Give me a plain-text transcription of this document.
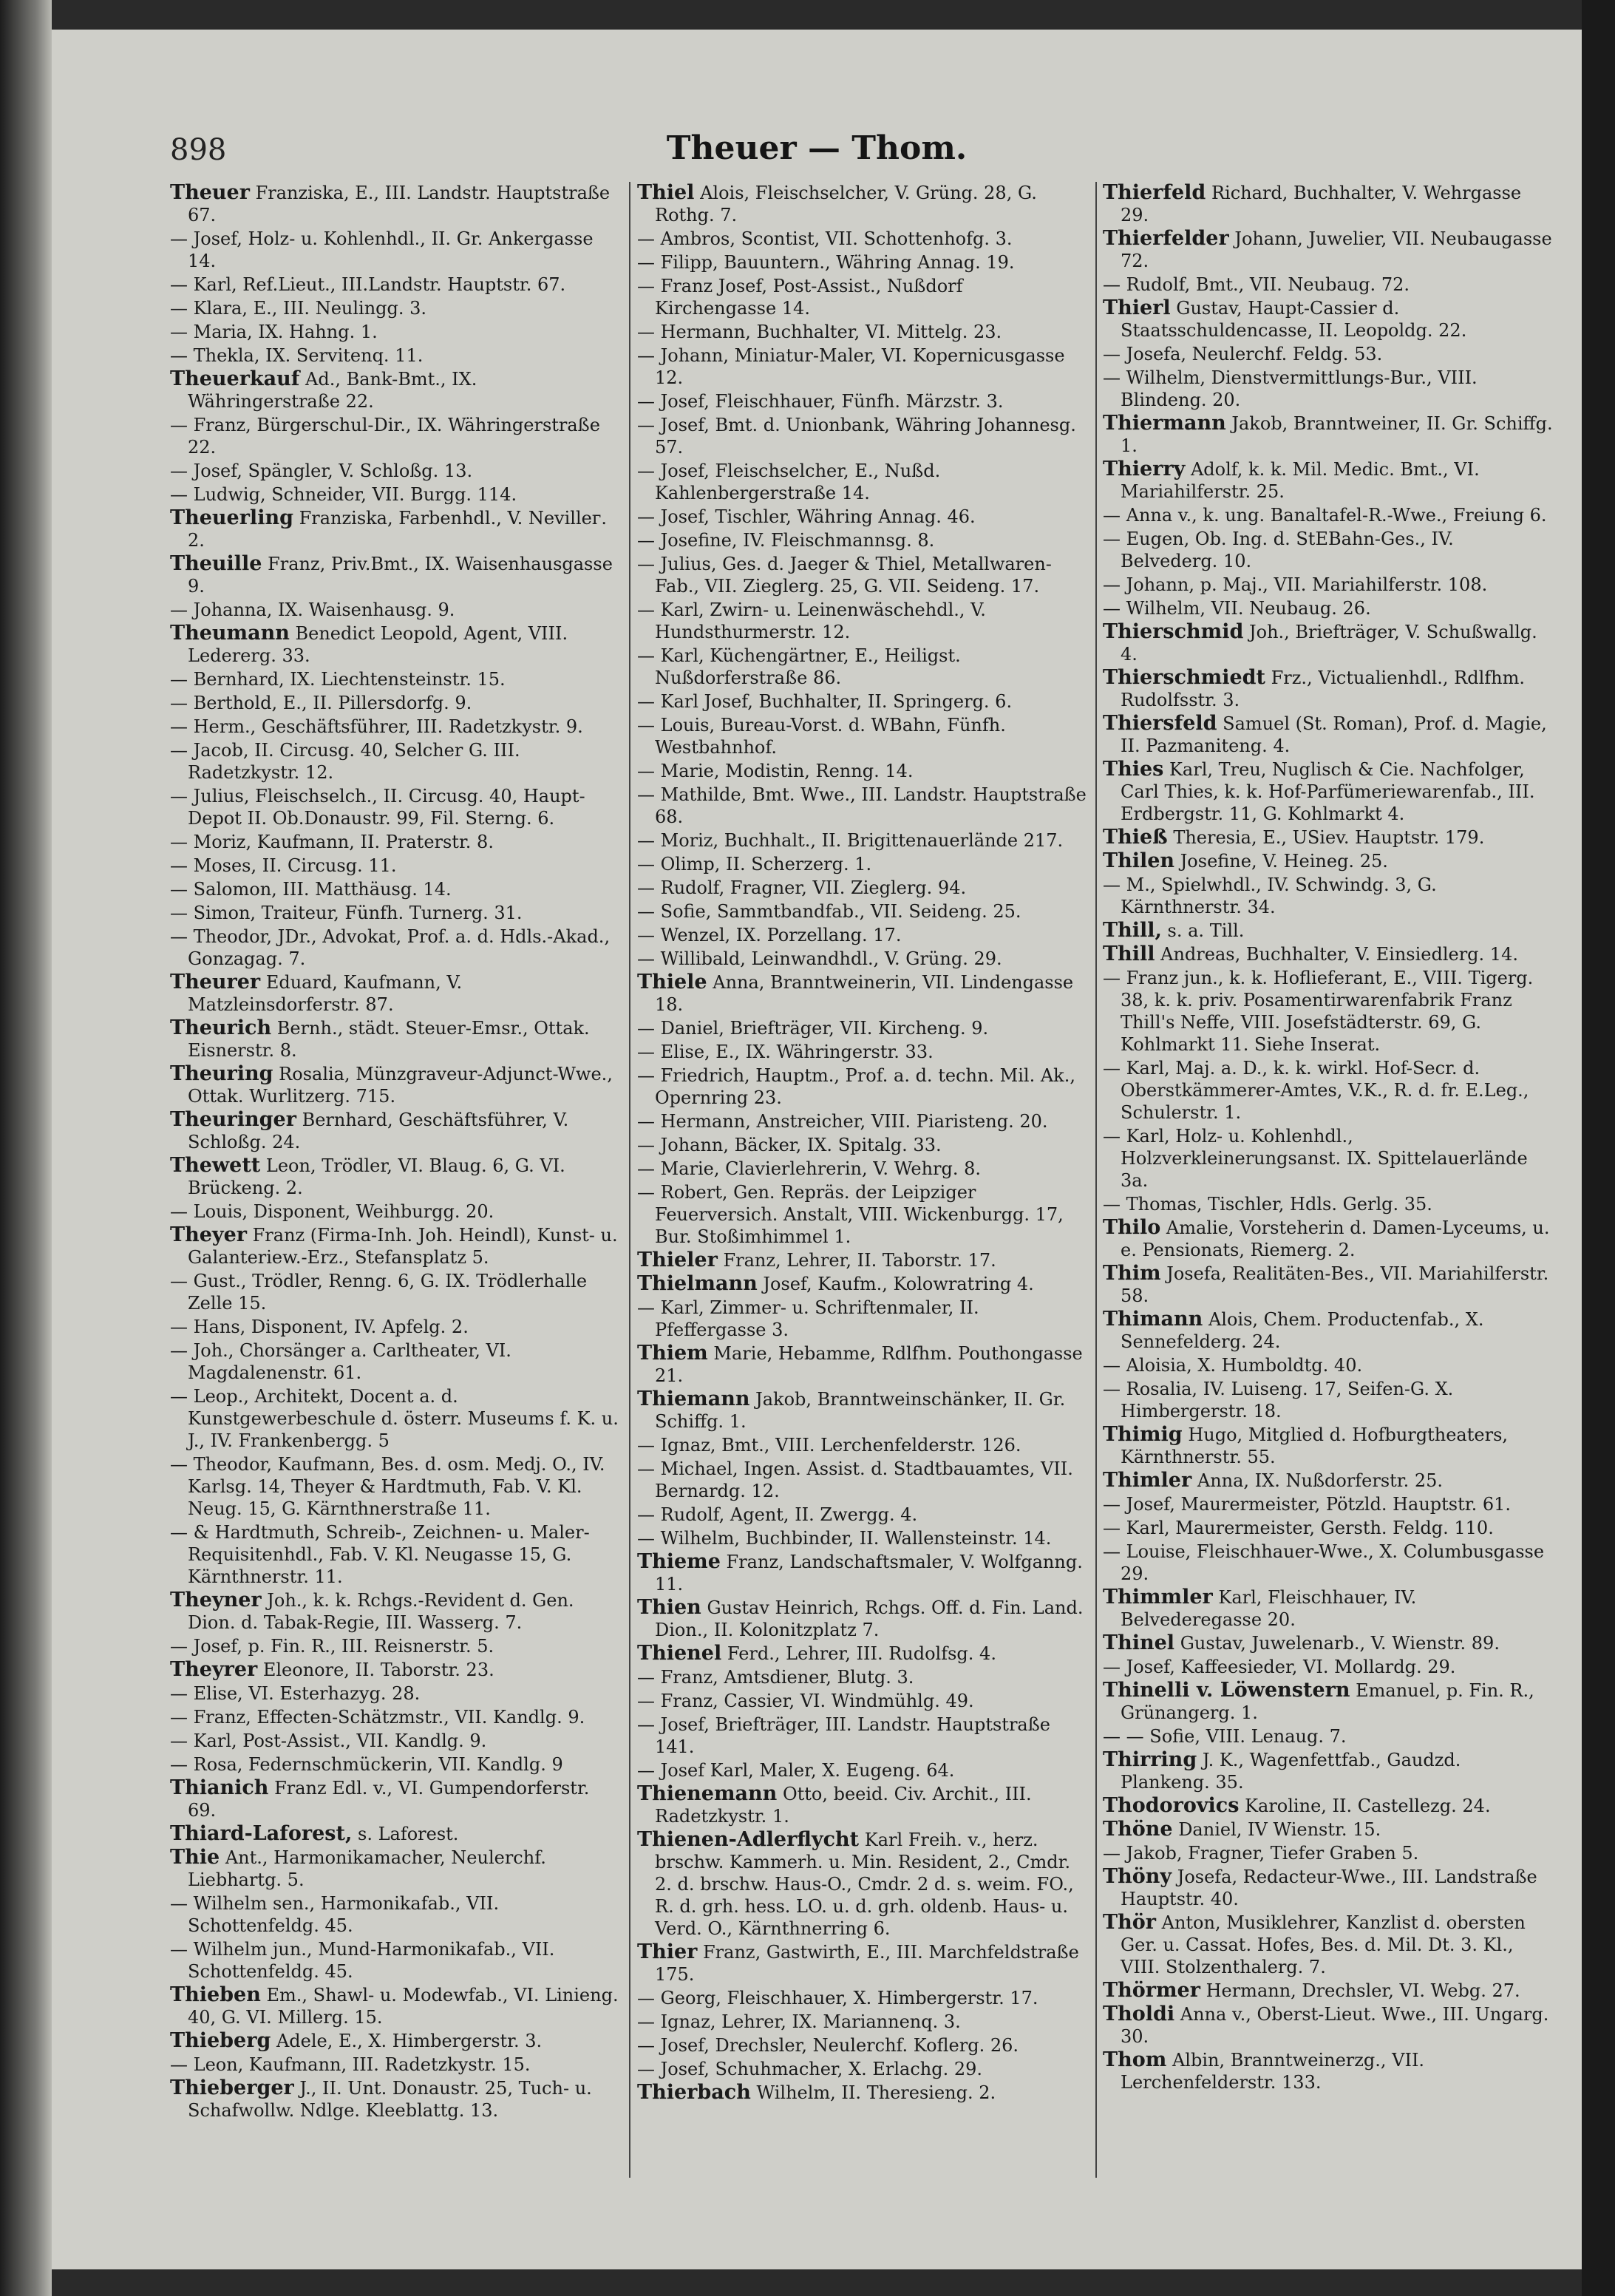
898	Theuer — Thom.
Theuer Franziska, E., III. Landstr. Hauptstraße 67.
— Josef, Holz- u. Kohlenhdl., II. Gr. Ankergasse 14.
— Karl, Ref.Lieut., III.Landstr. Hauptstr. 67.
— Klara, E., III. Neulingg. 3.
— Maria, IX. Hahng. 1.
— Thekla, IX. Servitenq. 11.
Theuerkauf Ad., Bank-Bmt., IX. Währingerstraße 22.
— Franz, Bürgerschul-Dir., IX. Währingerstraße 22.
— Josef, Spängler, V. Schloßg. 13.
— Ludwig, Schneider, VII. Burgg. 114.
Theuerling Franziska, Farbenhdl., V. Nevillег. 2.
Theuille Franz, Priv.Bmt., IX. Waisenhausgasse 9.
— Johanna, IX. Waisenhausg. 9.
Theumann Benedict Leopold, Agent, VIII. Ledererg. 33.
— Bernhard, IX. Liechtensteinstr. 15.
— Berthold, E., II. Pillersdorfg. 9.
— Herm., Geschäftsführer, III. Radetzkystr. 9.
— Jacob, II. Circusg. 40, Selcher G. III. Radetzkystr. 12.
— Julius, Fleischselch., II. Circusg. 40, Haupt-Depot II. Ob.Donaustr. 99, Fil. Sterng. 6.
— Moriz, Kaufmann, II. Praterstr. 8.
— Moses, II. Circusg. 11.
— Salomon, III. Matthäusg. 14.
— Simon, Traiteur, Fünfh. Turnerg. 31.
— Theodor, JDr., Advokat, Prof. a. d. Hdls.-Akad., Gonzagag. 7.
Theurer Eduard, Kaufmann, V. Matzleinsdorferstr. 87.
Theurich Bernh., städt. Steuer-Emsr., Ottak. Eisnerstr. 8.
Theuring Rosalia, Münzgraveur-Adjunct-Wwe., Ottak. Wurlitzerg. 715.
Theuringer Bernhard, Geschäftsführer, V. Schloßg. 24.
Thewett Leon, Trödler, VI. Blaug. 6, G. VI. Brückeng. 2.
— Louis, Disponent, Weihburgg. 20.
Theyer Franz (Firma-Inh. Joh. Heindl), Kunst- u. Galanteriew.-Erz., Stefansplatz 5.
— Gust., Trödler, Renng. 6, G. IX. Trödlerhalle Zelle 15.
— Hans, Disponent, IV. Apfelg. 2.
— Joh., Chorsänger a. Carltheater, VI. Magdalenenstr. 61.
— Leop., Architekt, Docent a. d. Kunstgewerbeschule d. österr. Museums f. K. u. J., IV. Frankenbergg. 5
— Theodor, Kaufmann, Bes. d. osm. Medj. O., IV. Karlsg. 14, Theyer & Hardtmuth, Fab. V. Kl. Neug. 15, G. Kärnthnerstraße 11.
— & Hardtmuth, Schreib-, Zeichnen- u. Maler-Requisitenhdl., Fab. V. Kl. Neugasse 15, G. Kärnthnerstr. 11.
Theyner Joh., k. k. Rchgs.-Revident d. Gen. Dion. d. Tabak-Regie, III. Wasserg. 7.
— Josef, p. Fin. R., III. Reisnerstr. 5.
Theyrer Eleonore, II. Taborstr. 23.
— Elise, VI. Esterhazyg. 28.
— Franz, Effecten-Schätzmstr., VII. Kandlg. 9.
— Karl, Post-Assist., VII. Kandlg. 9.
— Rosa, Federnschmückerin, VII. Kandlg. 9
Thianich Franz Edl. v., VI. Gumpendorferstr. 69.
Thiard-Laforest, s. Laforest.
Thie Ant., Harmonikamacher, Neulerchf. Liebhartg. 5.
— Wilhelm sen., Harmonikafab., VII. Schottenfeldg. 45.
— Wilhelm jun., Mund-Harmonikafab., VII. Schottenfeldg. 45.
Thieben Em., Shawl- u. Modewfab., VI. Linieng. 40, G. VI. Millerg. 15.
Thieberg Adele, E., X. Himbergerstr. 3.
— Leon, Kaufmann, III. Radetzkystr. 15.
Thieberger J., II. Unt. Donaustr. 25, Tuch- u. Schafwollw. Ndlge. Kleeblattg. 13.
Thiel Alois, Fleischselcher, V. Grüng. 28, G. Rothg. 7.
— Ambros, Scontist, VII. Schottenhofg. 3.
— Filipp, Bauuntern., Währing Annag. 19.
— Franz Josef, Post-Assist., Nußdorf Kirchengasse 14.
— Hermann, Buchhalter, VI. Mittelg. 23.
— Johann, Miniatur-Maler, VI. Kopernicusgasse 12.
— Josef, Fleischhauer, Fünfh. Märzstr. 3.
— Josef, Bmt. d. Unionbank, Währing Johannesg. 57.
— Josef, Fleischselcher, E., Nußd. Kahlenbergerstraße 14.
— Josef, Tischler, Währing Annag. 46.
— Josefine, IV. Fleischmannsg. 8.
— Julius, Ges. d. Jaeger & Thiel, Metallwaren-Fab., VII. Zieglerg. 25, G. VII. Seideng. 17.
— Karl, Zwirn- u. Leinenwäschehdl., V. Hundsthurmerstr. 12.
— Karl, Küchengärtner, E., Heiligst. Nußdorferstraße 86.
— Karl Josef, Buchhalter, II. Springerg. 6.
— Louis, Bureau-Vorst. d. WBahn, Fünfh. Westbahnhof.
— Marie, Modistin, Renng. 14.
— Mathilde, Bmt. Wwe., III. Landstr. Hauptstraße 68.
— Moriz, Buchhalt., II. Brigittenauerlände 217.
— Olimp, II. Scherzerg. 1.
— Rudolf, Fragner, VII. Zieglerg. 94.
— Sofie, Sammtbandfab., VII. Seideng. 25.
— Wenzel, IX. Porzellang. 17.
— Willibald, Leinwandhdl., V. Grüng. 29.
Thiele Anna, Branntweinerin, VII. Lindengasse 18.
— Daniel, Briefträger, VII. Kircheng. 9.
— Elise, E., IX. Währingerstr. 33.
— Friedrich, Hauptm., Prof. a. d. techn. Mil. Ak., Opernring 23.
— Hermann, Anstreicher, VIII. Piaristeng. 20.
— Johann, Bäcker, IX. Spitalg. 33.
— Marie, Clavierlehrerin, V. Wehrg. 8.
— Robert, Gen. Repräs. der Leipziger Feuerversich. Anstalt, VIII. Wickenburgg. 17, Bur. Stoßimhimmel 1.
Thieler Franz, Lehrer, II. Taborstr. 17.
Thielmann Josef, Kaufm., Kolowratring 4.
— Karl, Zimmer- u. Schriftenmaler, II. Pfeffergasse 3.
Thiem Marie, Hebamme, Rdlfhm. Pouthongasse 21.
Thiemann Jakob, Branntweinschänker, II. Gr. Schiffg. 1.
— Ignaz, Bmt., VIII. Lerchenfelderstr. 126.
— Michael, Ingen. Assist. d. Stadtbauamtes, VII. Bernardg. 12.
— Rudolf, Agent, II. Zwergg. 4.
— Wilhelm, Buchbinder, II. Wallensteinstr. 14.
Thieme Franz, Landschaftsmaler, V. Wolfganng. 11.
Thien Gustav Heinrich, Rchgs. Off. d. Fin. Land. Dion., II. Kolonitzplatz 7.
Thienel Ferd., Lehrer, III. Rudolfsg. 4.
— Franz, Amtsdiener, Blutg. 3.
— Franz, Cassier, VI. Windmühlg. 49.
— Josef, Briefträger, III. Landstr. Hauptstraße 141.
— Josef Karl, Maler, X. Eugeng. 64.
Thienemann Otto, beeid. Civ. Archit., III. Radetzkystr. 1.
Thienen-Adlerflycht Karl Freih. v., herz. brschw. Kammerh. u. Min. Resident, 2., Cmdr. 2. d. brschw. Haus-O., Cmdr. 2 d. s. weim. FO., R. d. grh. hess. LO. u. d. grh. oldenb. Haus- u. Verd. O., Kärnthnerring 6.
Thier Franz, Gastwirth, E., III. Marchfeldstraße 175.
— Georg, Fleischhauer, X. Himbergerstr. 17.
— Ignaz, Lehrer, IX. Mariannenq. 3.
— Josef, Drechsler, Neulerchf. Koflerg. 26.
— Josef, Schuhmacher, X. Erlachg. 29.
Thierbach Wilhelm, II. Theresieng. 2.
Thierfeld Richard, Buchhalter, V. Wehrgasse 29.
Thierfelder Johann, Juwelier, VII. Neubaugasse 72.
— Rudolf, Bmt., VII. Neubaug. 72.
Thierl Gustav, Haupt-Cassier d. Staatsschuldencasse, II. Leopoldg. 22.
— Josefa, Neulerchf. Feldg. 53.
— Wilhelm, Dienstvermittlungs-Bur., VIII. Blindeng. 20.
Thiermann Jakob, Branntweiner, II. Gr. Schiffg. 1.
Thierry Adolf, k. k. Mil. Medic. Bmt., VI. Mariahilferstr. 25.
— Anna v., k. ung. Banaltafel-R.-Wwe., Freiung 6.
— Eugen, Ob. Ing. d. StEBahn-Ges., IV. Belvederg. 10.
— Johann, p. Maj., VII. Mariahilferstr. 108.
— Wilhelm, VII. Neubaug. 26.
Thierschmid Joh., Briefträger, V. Schußwallg. 4.
Thierschmiedt Frz., Victualienhdl., Rdlfhm. Rudolfsstr. 3.
Thiersfeld Samuel (St. Roman), Prof. d. Magie, II. Pazmaniteng. 4.
Thies Karl, Treu, Nuglisch & Cie. Nachfolger, Carl Thies, k. k. Hof-Parfümeriewarenfab., III. Erdbergstr. 11, G. Kohlmarkt 4.
Thieß Theresia, E., USiev. Hauptstr. 179.
Thilen Josefine, V. Heineg. 25.
— M., Spielwhdl., IV. Schwindg. 3, G. Kärnthnerstr. 34.
Thill, s. a. Till.
Thill Andreas, Buchhalter, V. Einsiedlerg. 14.
— Franz jun., k. k. Hoflieferant, E., VIII. Tigerg. 38, k. k. priv. Posamentirwarenfabrik Franz Thill's Neffe, VIII. Josefstädterstr. 69, G. Kohlmarkt 11. Siehe Inserat.
— Karl, Maj. a. D., k. k. wirkl. Hof-Secr. d. Oberstkämmerer-Amtes, V.K., R. d. fr. E.Leg., Schulerstr. 1.
— Karl, Holz- u. Kohlenhdl., Holzverkleinerungsanst. IX. Spittelauerlände 3a.
— Thomas, Tischler, Hdls. Gerlg. 35.
Thilo Amalie, Vorsteherin d. Damen-Lyceums, u. e. Pensionats, Riemerg. 2.
Thim Josefa, Realitäten-Bes., VII. Mariahilferstr. 58.
Thimann Alois, Chem. Productenfab., X. Sennefelderg. 24.
— Aloisia, X. Humboldtg. 40.
— Rosalia, IV. Luiseng. 17, Seifen-G. X. Himbergerstr. 18.
Thimig Hugo, Mitglied d. Hofburgtheaters, Kärnthnerstr. 55.
Thimler Anna, IX. Nußdorferstr. 25.
— Josef, Maurermeister, Pötzld. Hauptstr. 61.
— Karl, Maurermeister, Gersth. Feldg. 110.
— Louise, Fleischhauer-Wwe., X. Columbusgasse 29.
Thimmler Karl, Fleischhauer, IV. Belvederegasse 20.
Thinel Gustav, Juwelenarb., V. Wienstr. 89.
— Josef, Kaffeesieder, VI. Mollardg. 29.
Thinelli v. Löwenstern Emanuel, p. Fin. R., Grünangerg. 1.
— — Sofie, VIII. Lenaug. 7.
Thirring J. K., Wagenfettfab., Gaudzd. Plankeng. 35.
Thodorovics Karoline, II. Castellezg. 24.
Thöne Daniel, IV Wienstr. 15.
— Jakob, Fragner, Tiefer Graben 5.
Thöny Josefa, Redacteur-Wwe., III. Landstraße Hauptstr. 40.
Thör Anton, Musiklehrer, Kanzlist d. obersten Ger. u. Cassat. Hofes, Bes. d. Mil. Dt. 3. Kl., VIII. Stolzenthalerg. 7.
Thörmer Hermann, Drechsler, VI. Webg. 27.
Tholdi Anna v., Oberst-Lieut. Wwe., III. Ungarg. 30.
Thom Albin, Branntweinerzg., VII. Lerchenfelderstr. 133.
